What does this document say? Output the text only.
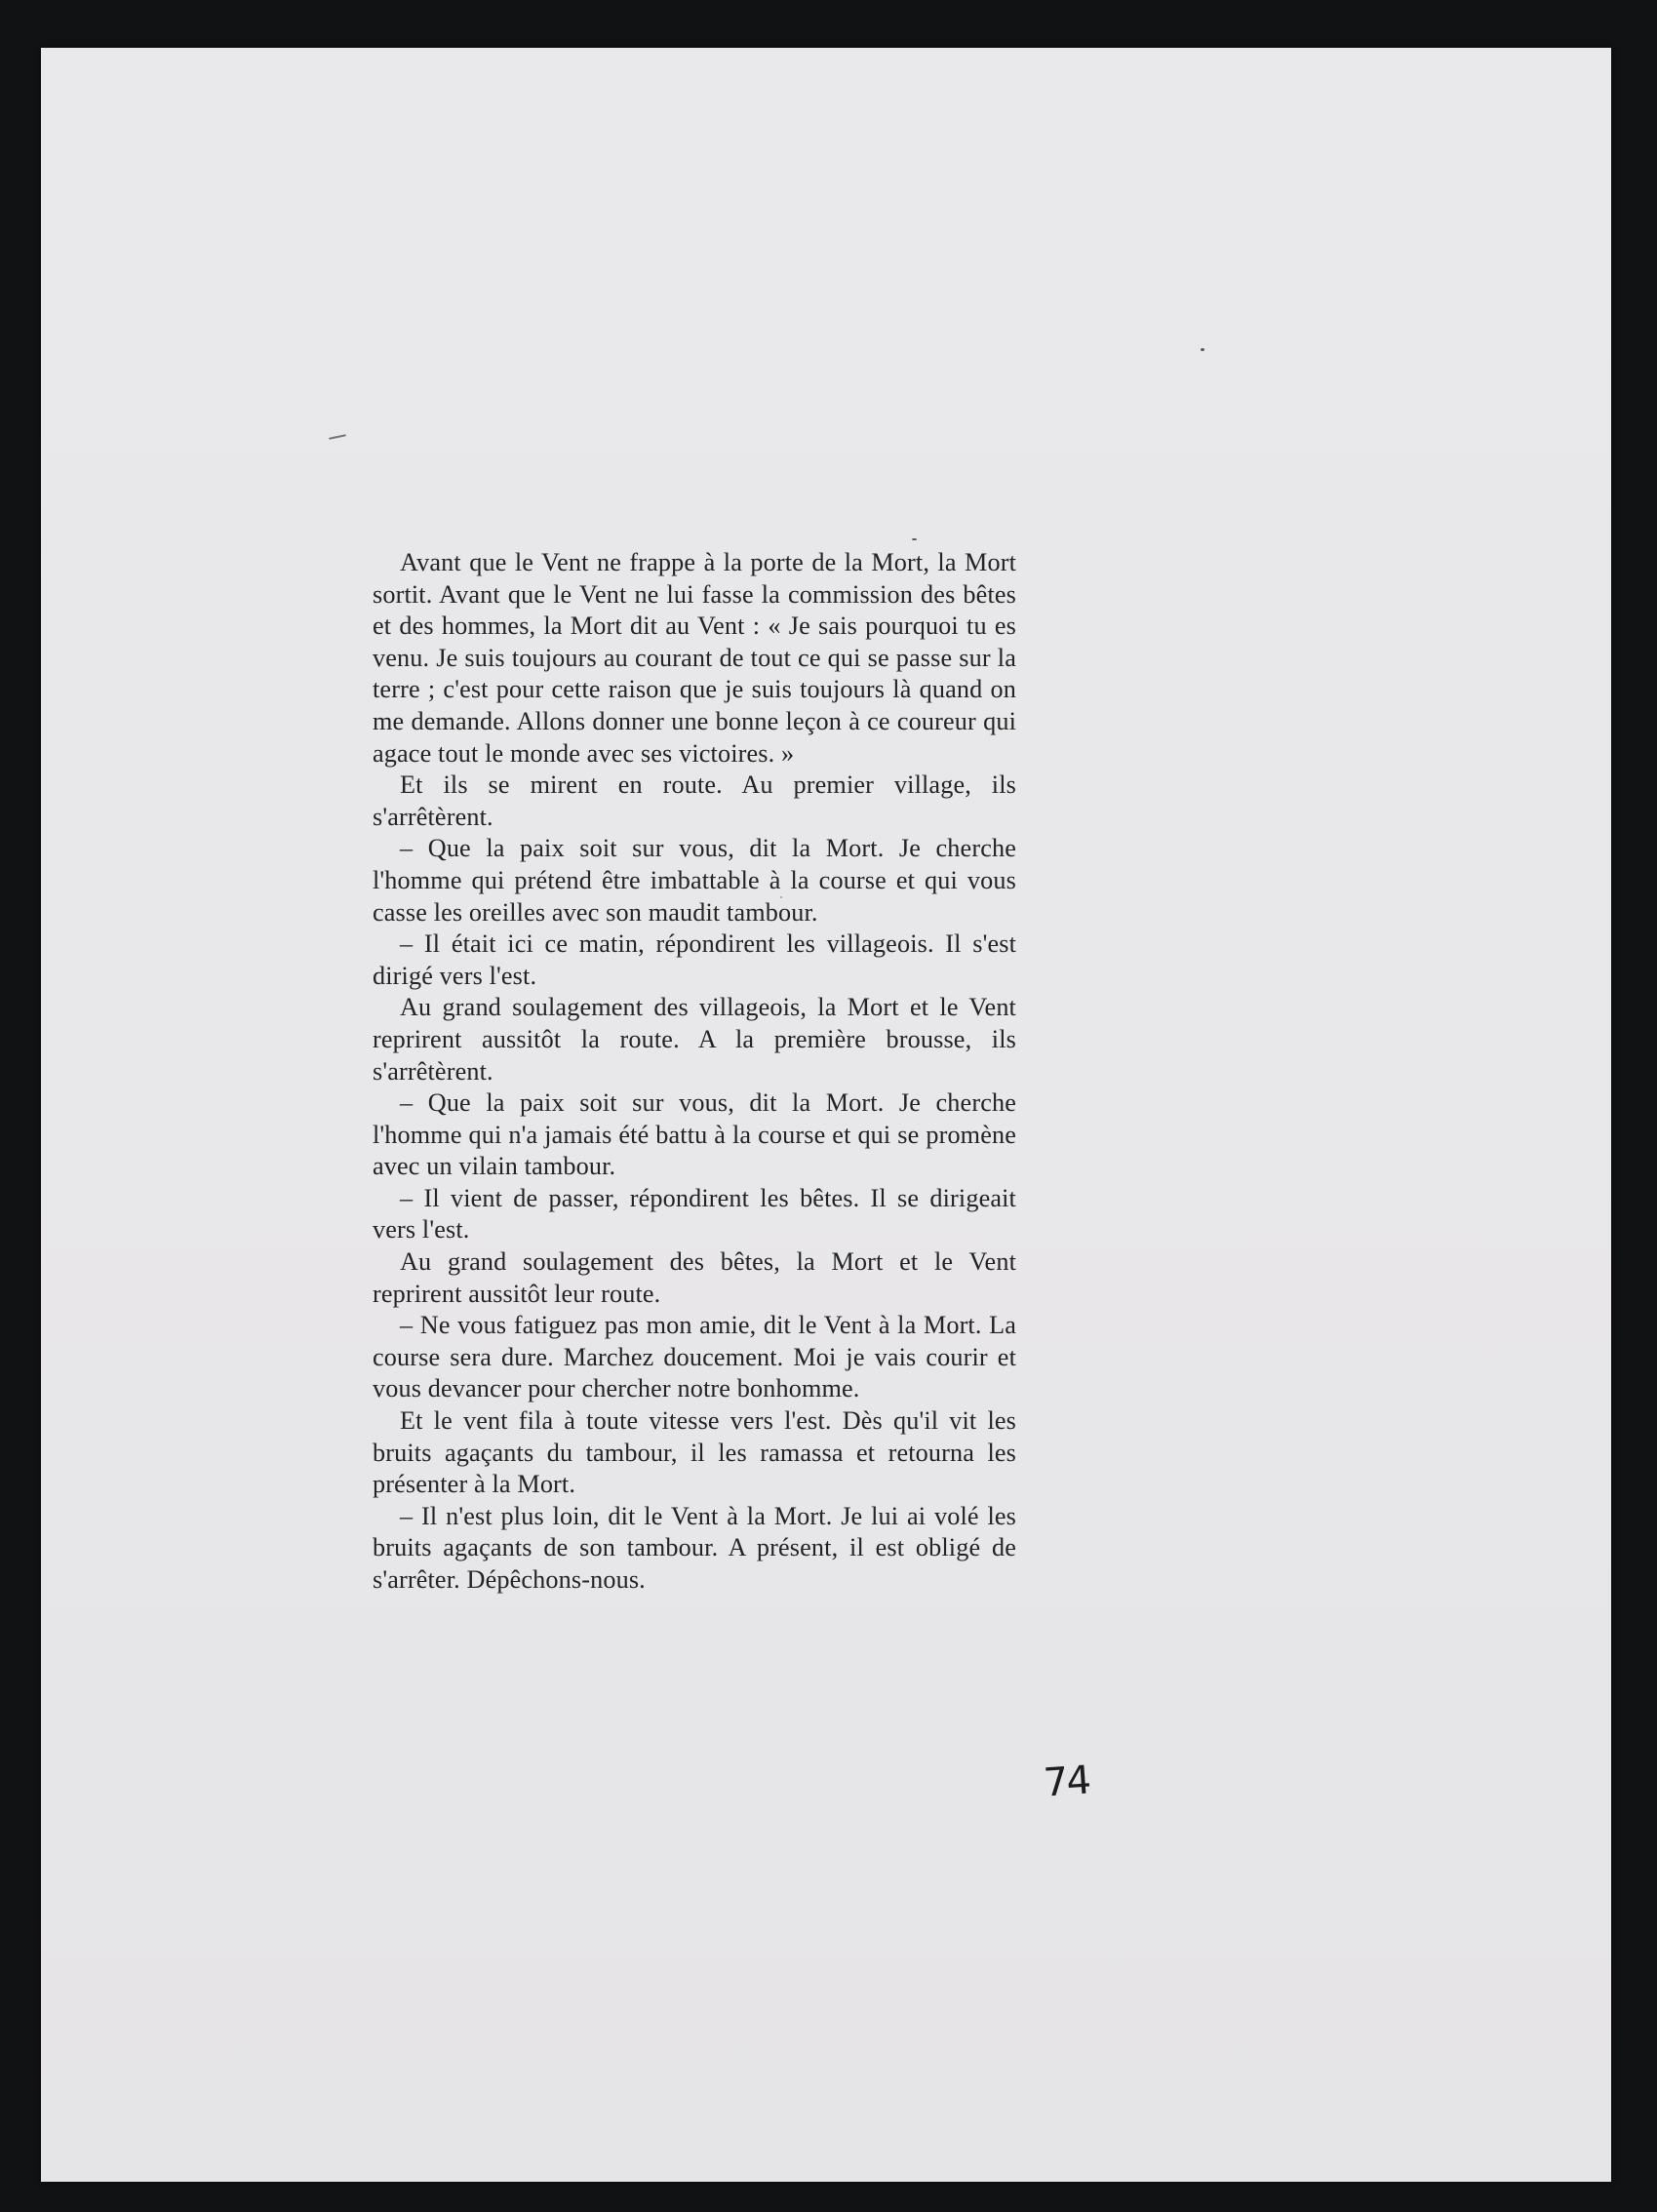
Avant que le Vent ne frappe à la porte de la Mort, la Mort sortit. Avant que le Vent ne lui fasse la commission des bêtes et des hommes, la Mort dit au Vent : « Je sais pourquoi tu es venu. Je suis toujours au courant de tout ce qui se passe sur la terre ; c'est pour cette raison que je suis toujours là quand on me demande. Allons donner une bonne leçon à ce coureur qui agace tout le monde avec ses victoires. »

Et ils se mirent en route. Au premier village, ils s'arrêtèrent.

– Que la paix soit sur vous, dit la Mort. Je cherche l'homme qui prétend être imbattable à la course et qui vous casse les oreilles avec son maudit tambour.

– Il était ici ce matin, répondirent les villageois. Il s'est dirigé vers l'est.

Au grand soulagement des villageois, la Mort et le Vent reprirent aussitôt la route. A la première brousse, ils s'arrêtèrent.

– Que la paix soit sur vous, dit la Mort. Je cherche l'homme qui n'a jamais été battu à la course et qui se promène avec un vilain tambour.

– Il vient de passer, répondirent les bêtes. Il se dirigeait vers l'est.

Au grand soulagement des bêtes, la Mort et le Vent reprirent aussitôt leur route.

– Ne vous fatiguez pas mon amie, dit le Vent à la Mort. La course sera dure. Marchez doucement. Moi je vais courir et vous devancer pour chercher notre bonhomme.

Et le vent fila à toute vitesse vers l'est. Dès qu'il vit les bruits agaçants du tambour, il les ramassa et retourna les présenter à la Mort.

– Il n'est plus loin, dit le Vent à la Mort. Je lui ai volé les bruits agaçants de son tambour. A présent, il est obligé de s'arrêter. Dépêchons-nous.

74
